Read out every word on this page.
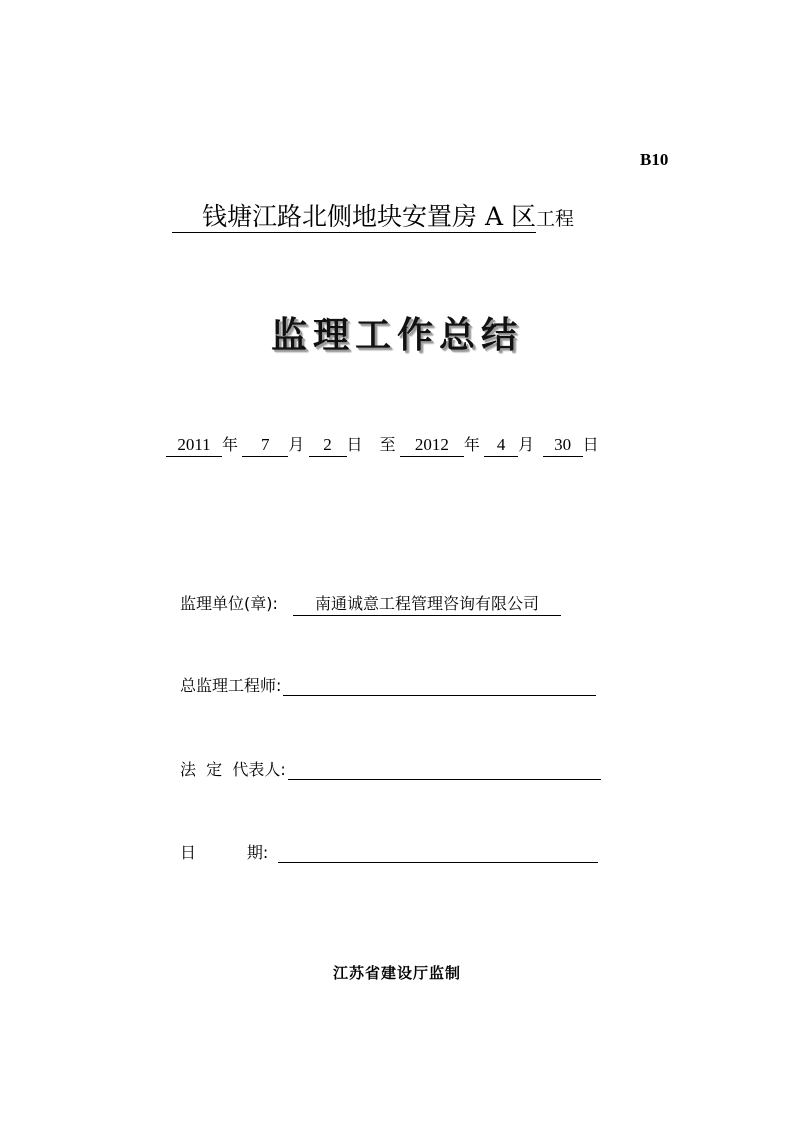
B10
钱塘江路北侧地块安置房 A 区工程
监理工作总结
2011 年 7 月 2 日 至 2012 年 4 月 30 日
监理单位(章): 南通诚意工程管理咨询有限公司
总监理工程师:
法  定  代表人:
日          期:
江苏省建设厅监制
